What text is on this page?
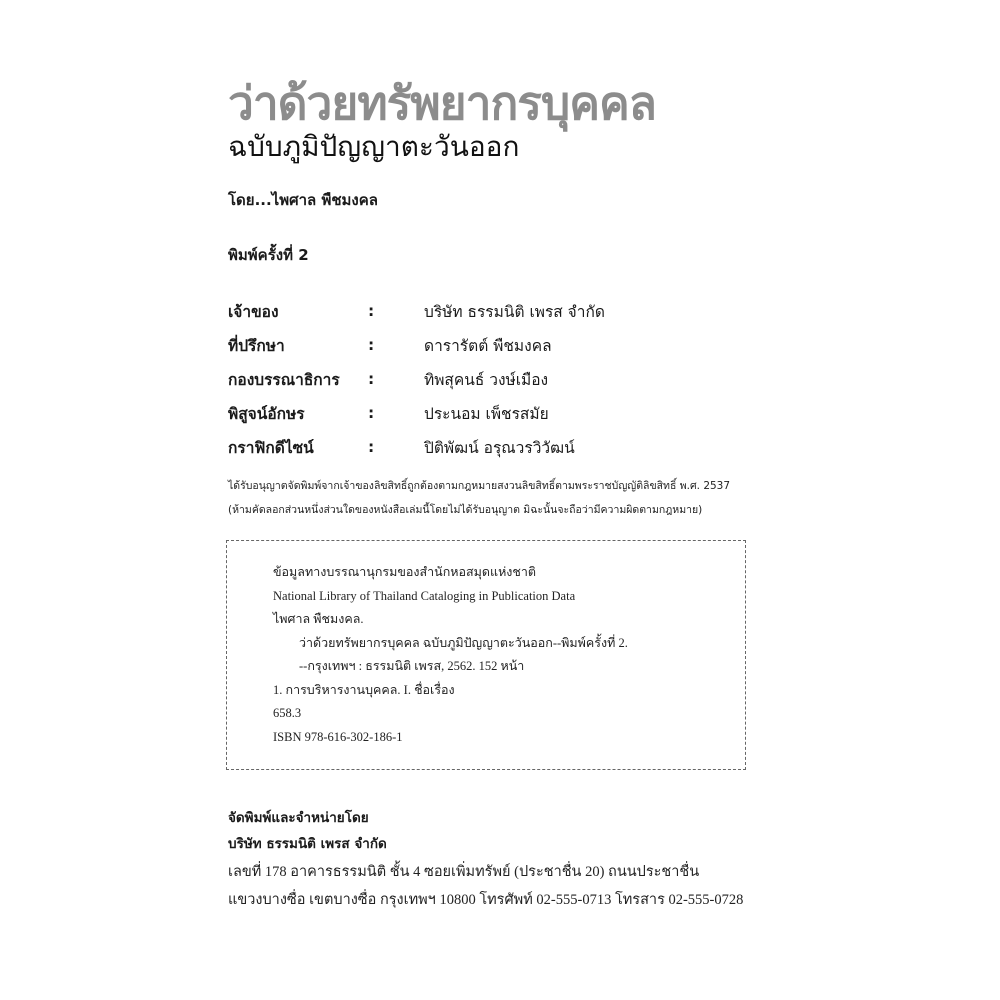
ว่าด้วยทรัพยากรบุคคล
ฉบับภูมิปัญญาตะวันออก
โดย...ไพศาล พืชมงคล
พิมพ์ครั้งที่ 2
เจ้าของ	:	บริษัท ธรรมนิติ เพรส จำกัด
ที่ปรึกษา	:	ดารารัตต์ พืชมงคล
กองบรรณาธิการ	:	ทิพสุคนธ์ วงษ์เมือง
พิสูจน์อักษร	:	ประนอม เพ็ชรสมัย
กราฟิกดีไซน์	:	ปิติพัฒน์ อรุณวรวิวัฒน์
ได้รับอนุญาตจัดพิมพ์จากเจ้าของลิขสิทธิ์ถูกต้องตามกฎหมายสงวนลิขสิทธิ์ตามพระราชบัญญัติลิขสิทธิ์ พ.ศ. 2537
(ห้ามคัดลอกส่วนหนึ่งส่วนใดของหนังสือเล่มนี้โดยไม่ได้รับอนุญาต มิฉะนั้นจะถือว่ามีความผิดตามกฎหมาย)
ข้อมูลทางบรรณานุกรมของสำนักหอสมุดแห่งชาติ
National Library of Thailand Cataloging in Publication Data
ไพศาล พืชมงคล.
ว่าด้วยทรัพยากรบุคคล ฉบับภูมิปัญญาตะวันออก--พิมพ์ครั้งที่ 2.
--กรุงเทพฯ : ธรรมนิติ เพรส, 2562. 152 หน้า
1. การบริหารงานบุคคล. I. ชื่อเรื่อง
658.3
ISBN 978-616-302-186-1
จัดพิมพ์และจำหน่ายโดย
บริษัท ธรรมนิติ เพรส จำกัด
เลขที่ 178 อาคารธรรมนิติ ชั้น 4 ซอยเพิ่มทรัพย์ (ประชาชื่น 20) ถนนประชาชื่น
แขวงบางซื่อ เขตบางซื่อ กรุงเทพฯ 10800 โทรศัพท์ 02-555-0713 โทรสาร 02-555-0728
